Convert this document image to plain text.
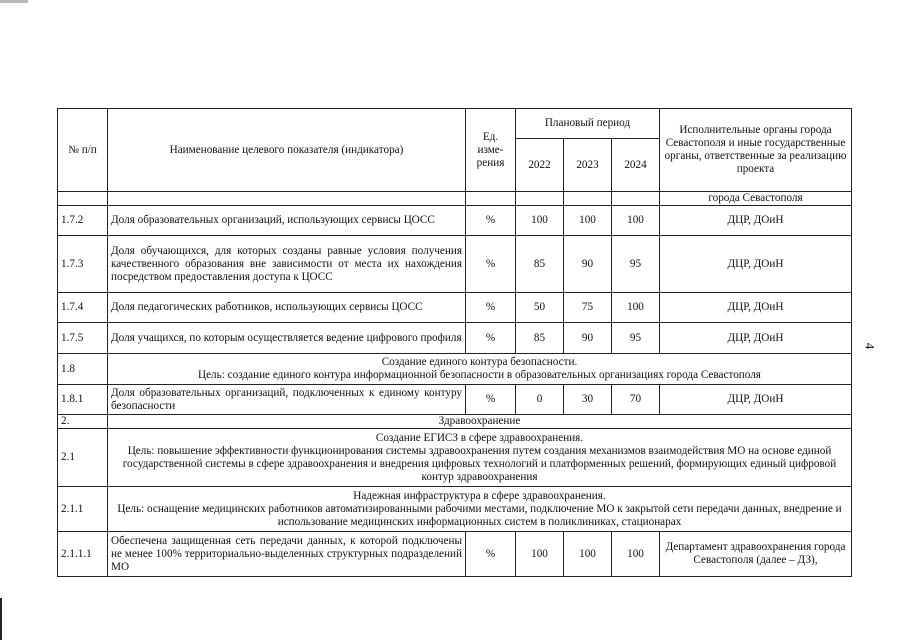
4
№ п/п	Наименование целевого показателя (индикатора)	Ед. изме- рения	Плановый период			Исполнительные органы города Севастополя и иные государственные органы, ответственные за реализацию проекта
			2022	2023	2024	
						города Севастополя
1.7.2	Доля образовательных организаций, использующих сервисы ЦОСС	%	100	100	100	ДЦР, ДОиН
1.7.3	Доля обучающихся, для которых созданы равные условия получения качественного образования вне зависимости от места их нахождения посредством предоставления доступа к ЦОСС	%	85	90	95	ДЦР, ДОиН
1.7.4	Доля педагогических работников, использующих сервисы ЦОСС	%	50	75	100	ДЦР, ДОиН
1.7.5	Доля учащихся, по которым осуществляется ведение цифрового профиля	%	85	90	95	ДЦР, ДОиН
1.8	Создание единого контура безопасности.
Цель: создание единого контура информационной безопасности в образовательных организациях города Севастополя					

1.8.1	Доля образовательных организаций, подключенных к единому контуру безопасности	%	0	30	70	ДЦР, ДОиН
2.	Здравоохранение					
2.1	Создание ЕГИСЗ в сфере здравоохранения.
Цель: повышение эффективности функционирования системы здравоохранения путем создания механизмов взаимодействия МО на основе единой государственной системы в сфере здравоохранения и внедрения цифровых технологий и платформенных решений, формирующих единый цифровой контур здравоохранения					

2.1.1	Надежная инфраструктура в сфере здравоохранения.
Цель: оснащение медицинских работников автоматизированными рабочими местами, подключение МО к закрытой сети передачи данных, внедрение и использование медицинских информационных систем в поликлиниках, стационарах					

2.1.1.1	Обеспечена защищенная сеть передачи данных, к которой подключены не менее 100% территориально-выделенных структурных подразделений МО	%	100	100	100	Департамент здравоохранения города Севастополя (далее – ДЗ),
